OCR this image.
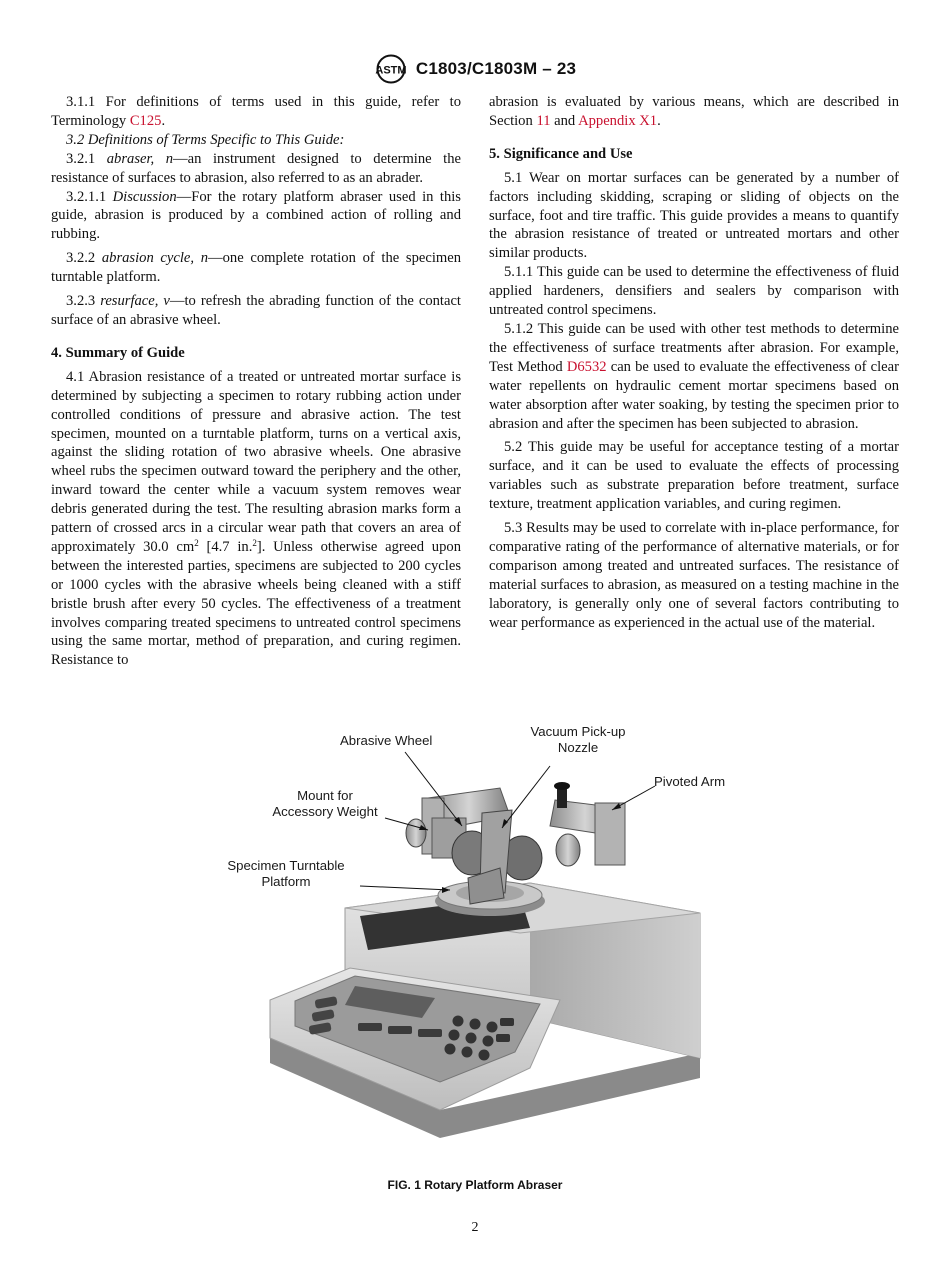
ASTM C1803/C1803M – 23

3.1.1 For definitions of terms used in this guide, refer to Terminology C125.

3.2 Definitions of Terms Specific to This Guide:

3.2.1 abraser, n—an instrument designed to determine the resistance of surfaces to abrasion, also referred to as an abrader.

3.2.1.1 Discussion—For the rotary platform abraser used in this guide, abrasion is produced by a combined action of rolling and rubbing.

3.2.2 abrasion cycle, n—one complete rotation of the specimen turntable platform.

3.2.3 resurface, v—to refresh the abrading function of the contact surface of an abrasive wheel.

4. Summary of Guide

4.1 Abrasion resistance of a treated or untreated mortar surface is determined by subjecting a specimen to rotary rubbing action under controlled conditions of pressure and abrasive action. The test specimen, mounted on a turntable platform, turns on a vertical axis, against the sliding rotation of two abrasive wheels. One abrasive wheel rubs the specimen outward toward the periphery and the other, inward toward the center while a vacuum system removes wear debris generated during the test. The resulting abrasion marks form a pattern of crossed arcs in a circular wear path that covers an area of approximately 30.0 $cm^2$ [4.7 in.$^2$]. Unless otherwise agreed upon between the interested parties, specimens are subjected to 200 cycles or 1000 cycles with the abrasive wheels being cleaned with a stiff bristle brush after every 50 cycles. The effectiveness of a treatment involves comparing treated specimens to untreated control specimens using the same mortar, method of preparation, and curing regimen. Resistance to

abrasion is evaluated by various means, which are described in Section 11 and Appendix X1.

5. Significance and Use

5.1 Wear on mortar surfaces can be generated by a number of factors including skidding, scraping or sliding of objects on the surface, foot and tire traffic. This guide provides a means to quantify the abrasion resistance of treated or untreated mortars and other similar products.

5.1.1 This guide can be used to determine the effectiveness of fluid applied hardeners, densifiers and sealers by comparison with untreated control specimens.

5.1.2 This guide can be used with other test methods to determine the effectiveness of surface treatments after abrasion. For example, Test Method D6532 can be used to evaluate the effectiveness of clear water repellents on hydraulic cement mortar specimens based on water absorption after water soaking, by testing the specimen prior to abrasion and after the specimen has been subjected to abrasion.

5.2 This guide may be useful for acceptance testing of a mortar surface, and it can be used to evaluate the effects of processing variables such as substrate preparation before treatment, surface texture, treatment application variables, and curing regimen.

5.3 Results may be used to correlate with in-place performance, for comparative rating of the performance of alternative materials, or for comparison among treated and untreated surfaces. The resistance of material surfaces to abrasion, as measured on a testing machine in the laboratory, is generally only one of several factors contributing to wear performance as experienced in the actual use of the material.

Abrasive Wheel
Vacuum Pick-up
Nozzle
Pivoted Arm
Mount for
Accessory Weight
Specimen Turntable
Platform
FIG. 1 Rotary Platform Abraser
2
